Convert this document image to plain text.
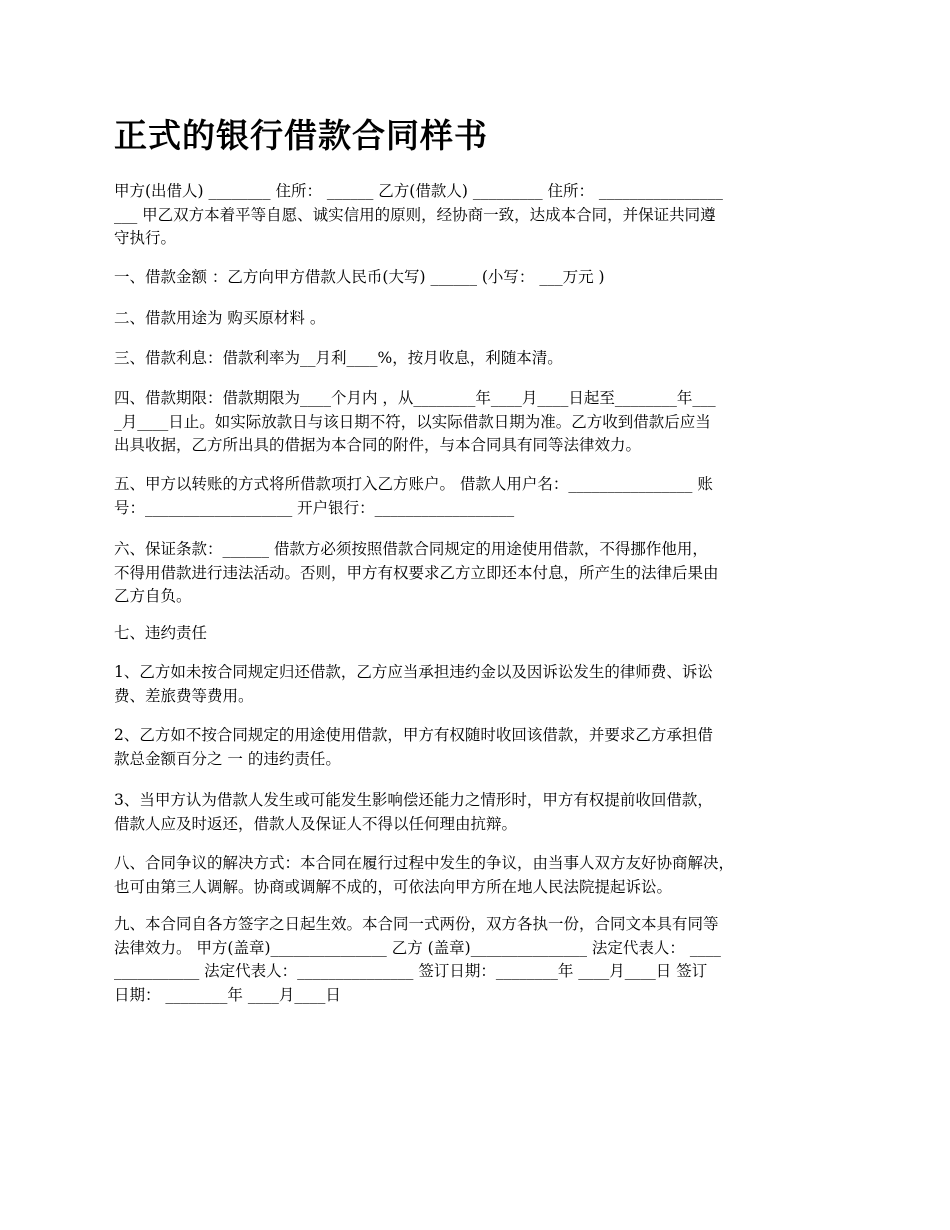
正式的银行借款合同样书
甲方(出借人) ________ 住所： ______ 乙方(借款人) _________ 住所： ________________
___ 甲乙双方本着平等自愿、诚实信用的原则，经协商一致，达成本合同，并保证共同遵
守执行。
一、借款金额 ：乙方向甲方借款人民币(大写) ______ (小写： ___万元 )
二、借款用途为 购买原材料 。
三、借款利息：借款利率为__月利____%，按月收息，利随本清。
四、借款期限：借款期限为____个月内 ，从________年____月____日起至________年___
_月____日止。如实际放款日与该日期不符，以实际借款日期为准。乙方收到借款后应当
出具收据，乙方所出具的借据为本合同的附件，与本合同具有同等法律效力。
五、甲方以转账的方式将所借款项打入乙方账户。 借款人用户名：________________ 账
号：___________________ 开户银行：__________________
六、保证条款：______ 借款方必须按照借款合同规定的用途使用借款，不得挪作他用，
不得用借款进行违法活动。否则，甲方有权要求乙方立即还本付息，所产生的法律后果由
乙方自负。
七、违约责任
1、乙方如未按合同规定归还借款，乙方应当承担违约金以及因诉讼发生的律师费、诉讼
费、差旅费等费用。
2、乙方如不按合同规定的用途使用借款，甲方有权随时收回该借款，并要求乙方承担借
款总金额百分之 一 的违约责任。
3、当甲方认为借款人发生或可能发生影响偿还能力之情形时，甲方有权提前收回借款，
借款人应及时返还，借款人及保证人不得以任何理由抗辩。
八、合同争议的解决方式：本合同在履行过程中发生的争议，由当事人双方友好协商解决，
也可由第三人调解。协商或调解不成的，可依法向甲方所在地人民法院提起诉讼。
九、本合同自各方签字之日起生效。本合同一式两份，双方各执一份，合同文本具有同等
法律效力。 甲方(盖章)_______________ 乙方 (盖章)_______________ 法定代表人： ____
___________ 法定代表人：_______________ 签订日期：________年 ____月____日 签订
日期： ________年 ____月____日
